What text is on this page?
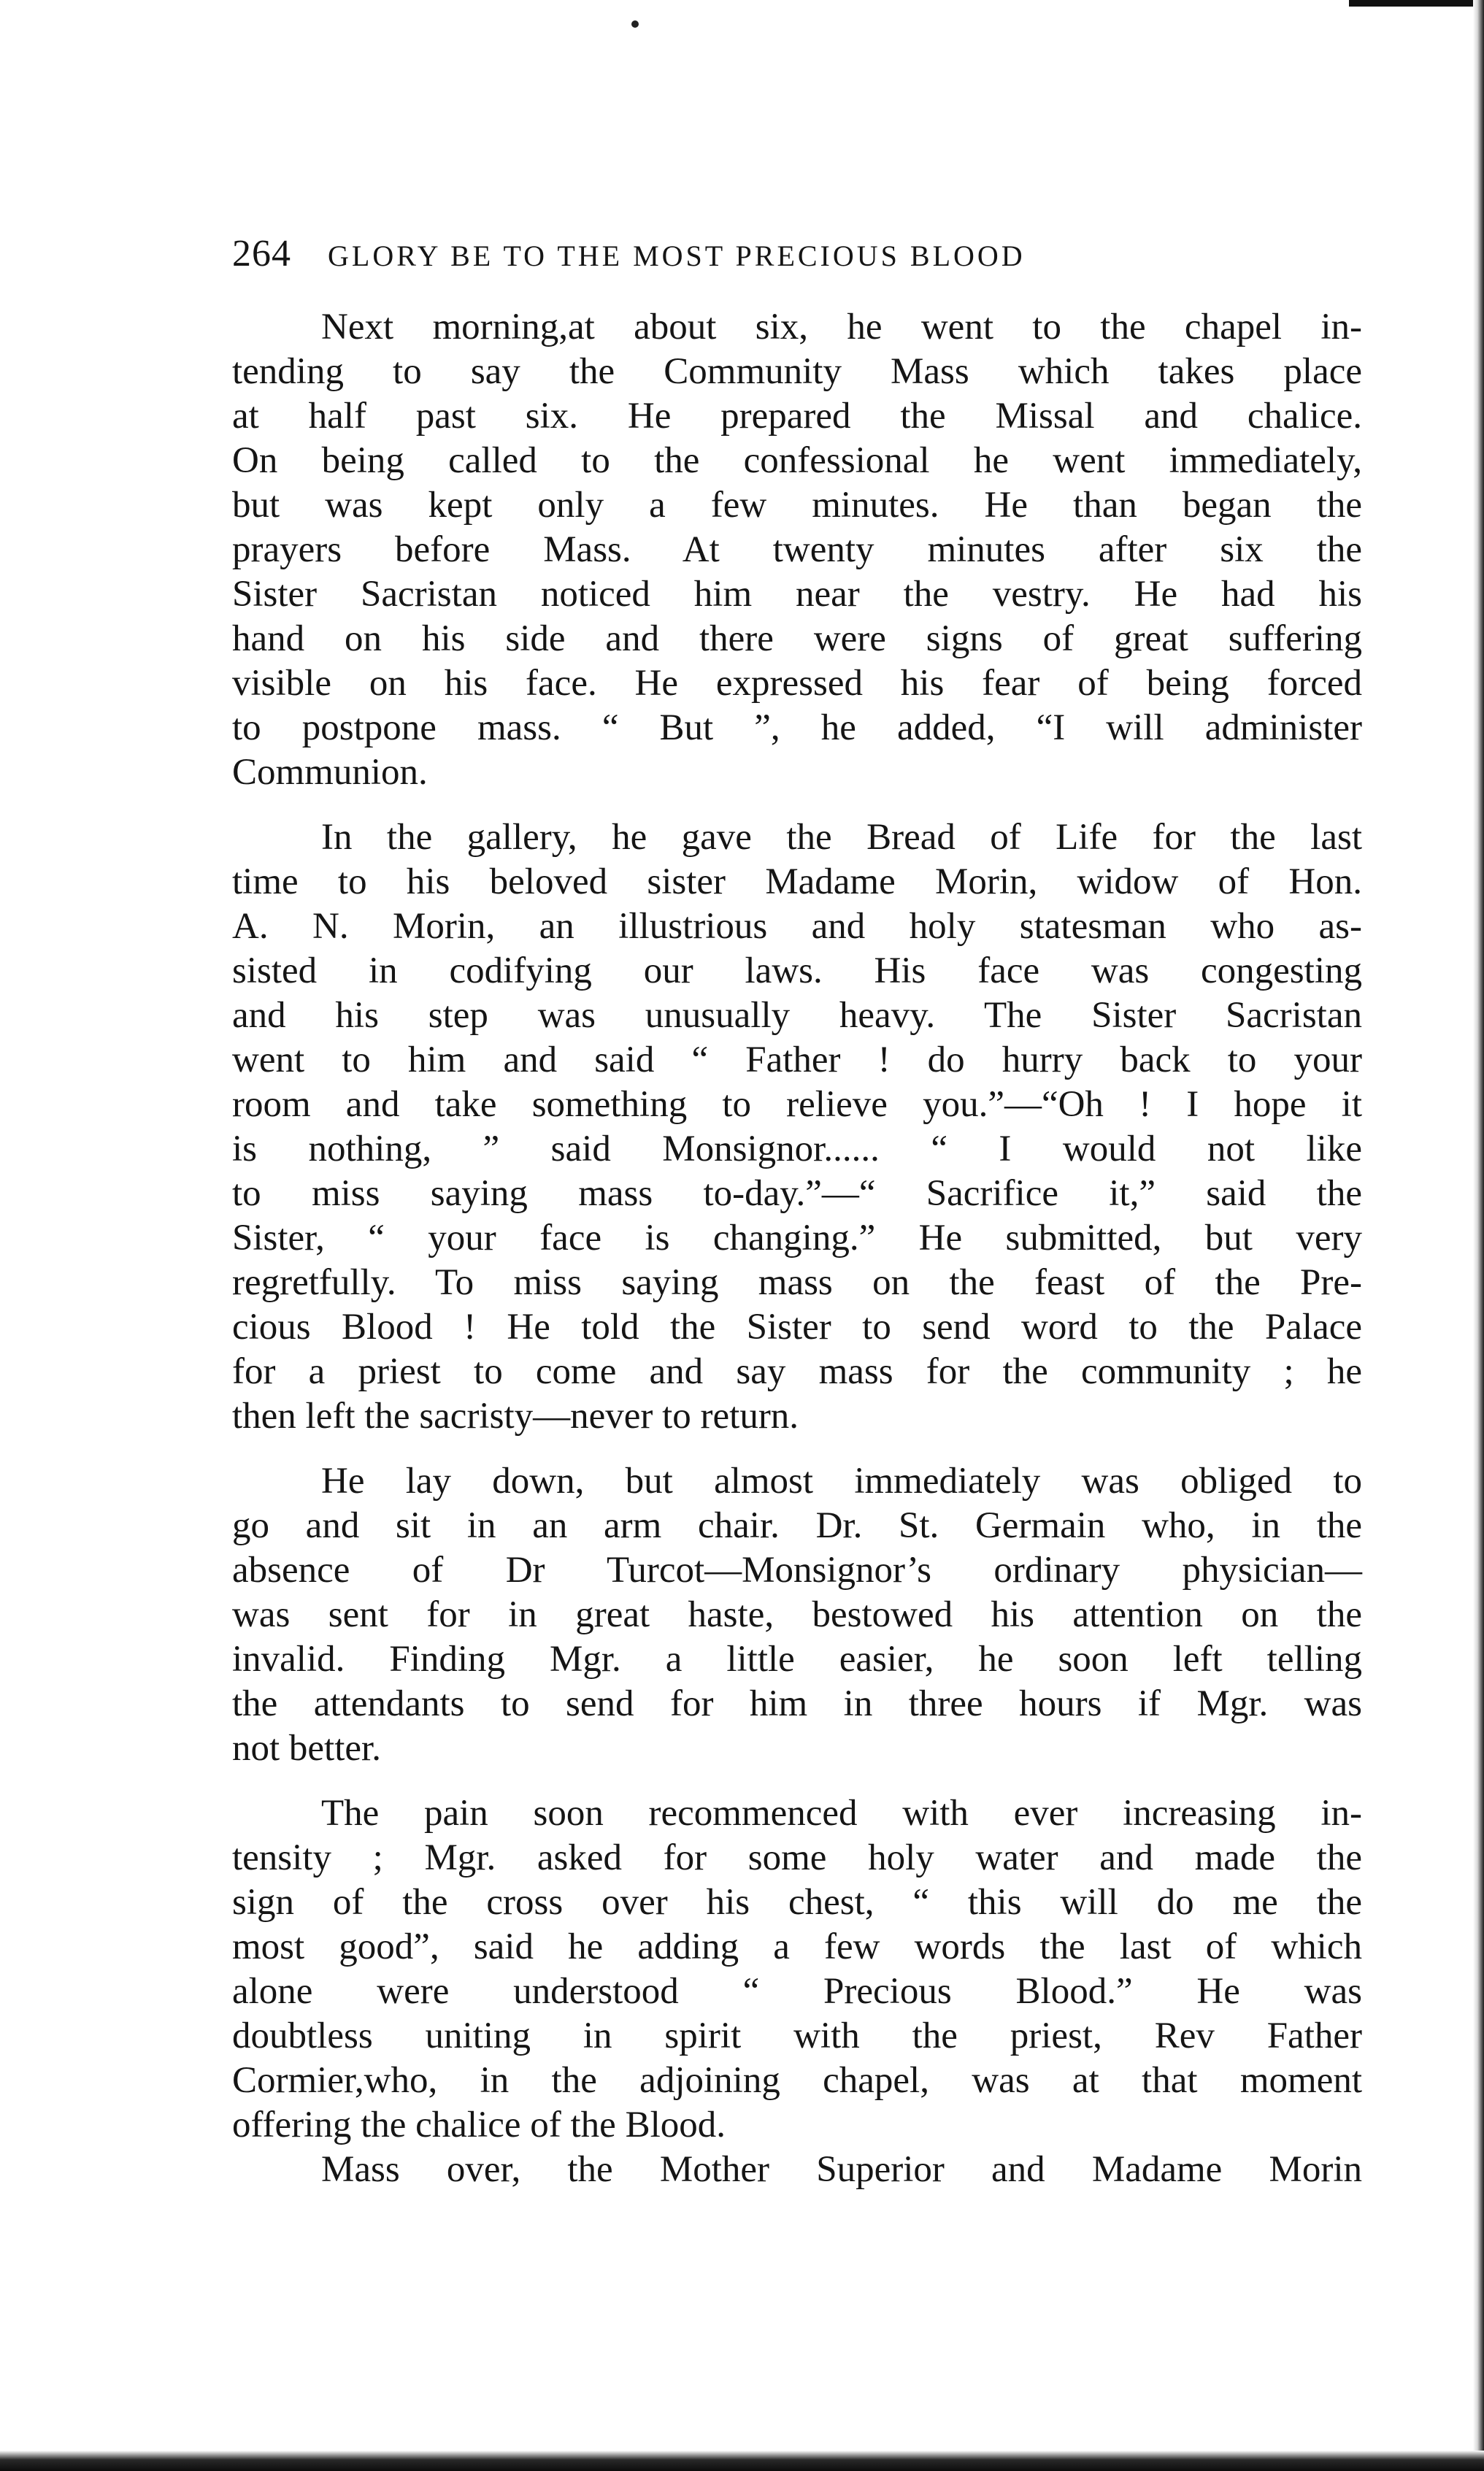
264 GLORY BE TO THE MOST PRECIOUS BLOOD
Next morning,at about six, he went to the chapel in-
tending to say the Community Mass which takes place
at half past six. He prepared the Missal and chalice.
On being called to the confessional he went immediately,
but was kept only a few minutes. He than began the
prayers before Mass. At twenty minutes after six the
Sister Sacristan noticed him near the vestry. He had his
hand on his side and there were signs of great suffering
visible on his face. He expressed his fear of being forced
to postpone mass. “ But ”, he added, “I will administer
Communion.
In the gallery, he gave the Bread of Life for the last
time to his beloved sister Madame Morin, widow of Hon.
A. N. Morin, an illustrious and holy statesman who as-
sisted in codifying our laws. His face was congesting
and his step was unusually heavy. The Sister Sacristan
went to him and said “ Father ! do hurry back to your
room and take something to relieve you.”—“Oh ! I hope it
is nothing, ” said Monsignor...... “ I would not like
to miss saying mass to-day.”—“ Sacrifice it,” said the
Sister, “ your face is changing.” He submitted, but very
regretfully. To miss saying mass on the feast of the Pre-
cious Blood ! He told the Sister to send word to the Palace
for a priest to come and say mass for the community ; he
then left the sacristy—never to return.
He lay down, but almost immediately was obliged to
go and sit in an arm chair. Dr. St. Germain who, in the
absence of Dr Turcot—Monsignor’s ordinary physician—
was sent for in great haste, bestowed his attention on the
invalid. Finding Mgr. a little easier, he soon left telling
the attendants to send for him in three hours if Mgr. was
not better.
The pain soon recommenced with ever increasing in-
tensity ; Mgr. asked for some holy water and made the
sign of the cross over his chest, “ this will do me the
most good”, said he adding a few words the last of which
alone were understood “ Precious Blood.” He was
doubtless uniting in spirit with the priest, Rev Father
Cormier,who, in the adjoining chapel, was at that moment
offering the chalice of the Blood.
Mass over, the Mother Superior and Madame Morin
